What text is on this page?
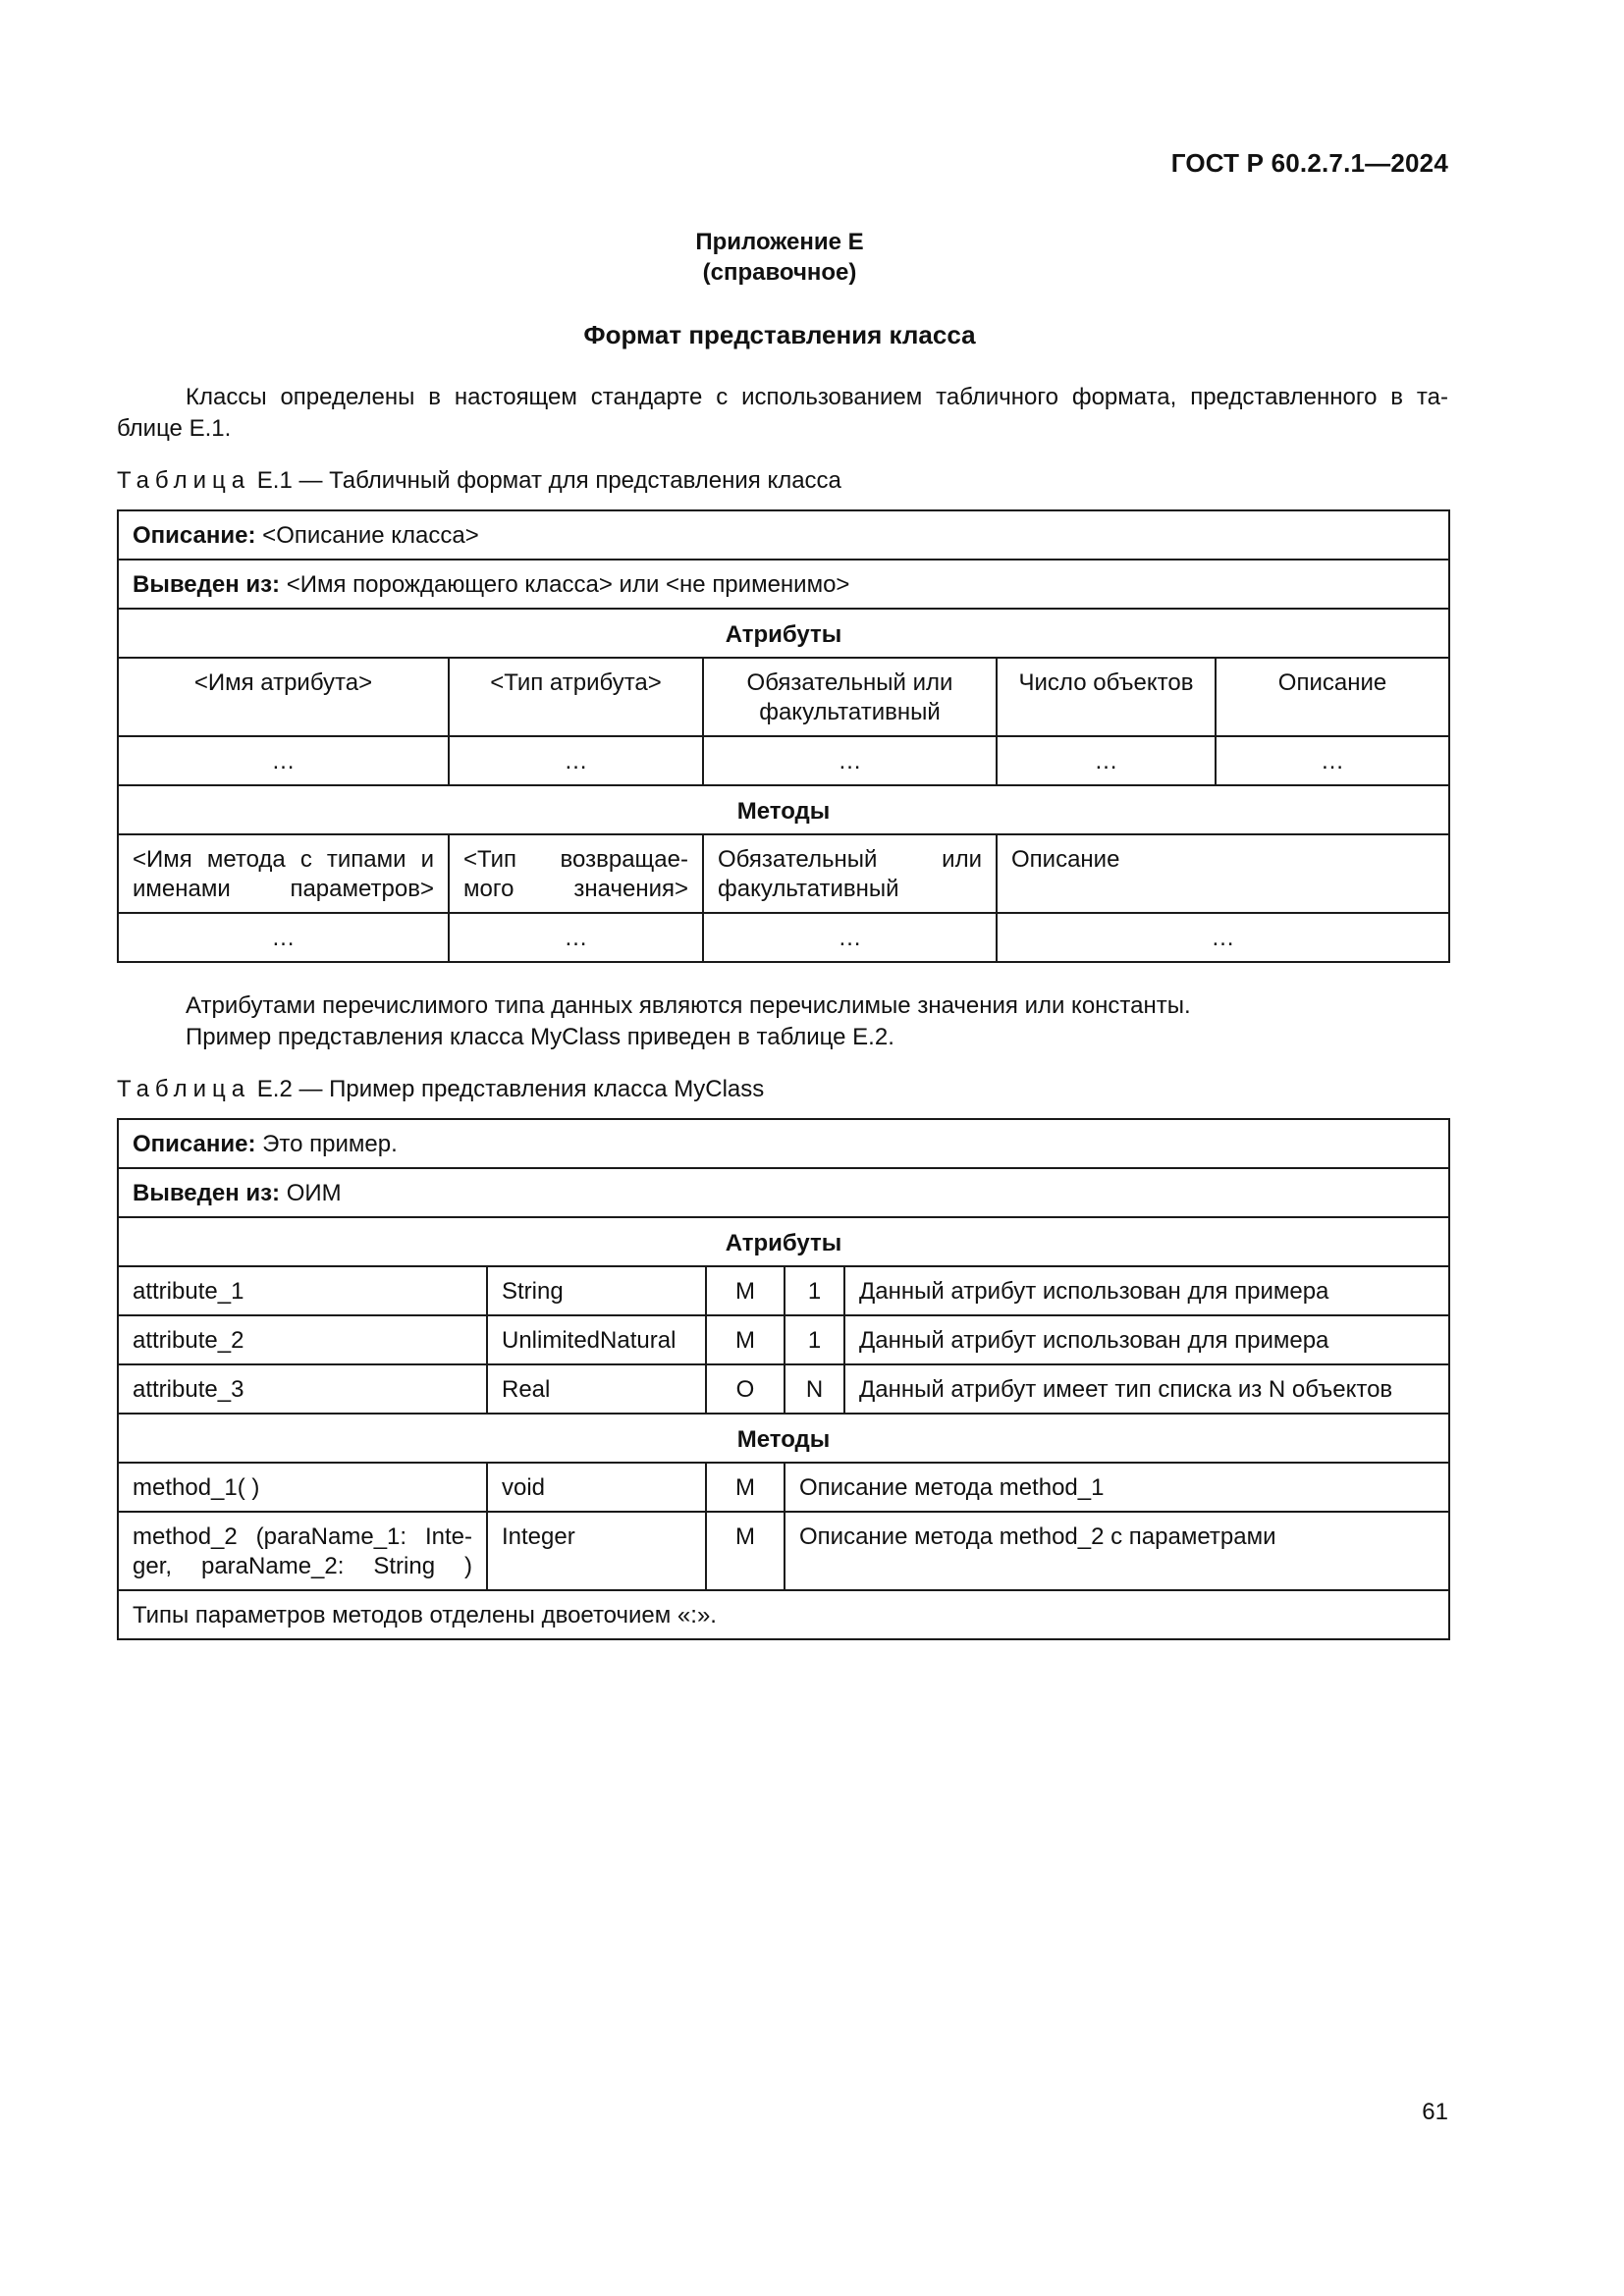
ГОСТ Р 60.2.7.1—2024
Приложение Е
(справочное)
Формат представления класса
Классы определены в настоящем стандарте с использованием табличного формата, представленного в та-
блице Е.1.
Таблица Е.1 — Табличный формат для представления класса
Описание: <Описание класса>				
Выведен из: <Имя порождающего класса> или <не применимо>				
Атрибуты				
<Имя атрибута>	<Тип атрибута>	Обязательный или факультативный	Число объектов	Описание
…	…	…	…	…
Методы				
<Имя метода с типами и именами параметров>	<Тип возвращае-мого значения>	Обязательный или факультативный	Описание	
…	…	…	…	
Атрибутами перечислимого типа данных являются перечислимые значения или константы.
Пример представления класса MyClass приведен в таблице Е.2.
Таблица Е.2 — Пример представления класса MyClass
Описание: Это пример.				
Выведен из: ОИМ				
Атрибуты				
attribute_1	String	M	1	Данный атрибут использован для примера
attribute_2	UnlimitedNatural	M	1	Данный атрибут использован для примера
attribute_3	Real	O	N	Данный атрибут имеет тип списка из N объектов
Методы				
method_1( )	void	M	Описание метода method_1	
method_2 (paraName_1: Inte-ger, paraName_2: String )	Integer	M	Описание метода method_2 с параметрами	
Типы параметров методов отделены двоеточием «:».				
61
